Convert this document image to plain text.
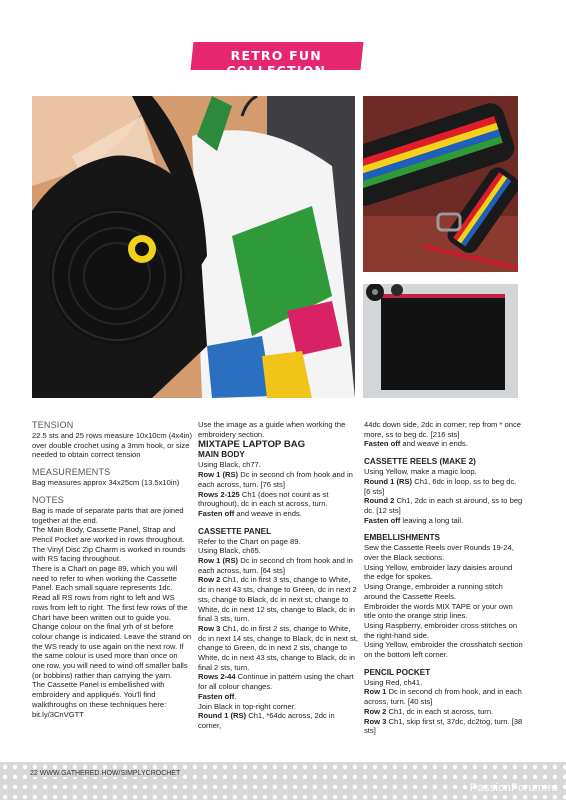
RETRO FUN COLLECTION

TENSION

22.5 sts and 25 rows measure 10x10cm (4x4in) over double crochet using a 3mm hook, or size needed to obtain correct tension

MEASUREMENTS

Bag measures approx 34x25cm (13.5x10in)

NOTES

Bag is made of separate parts that are joined together at the end.

The Main Body, Cassette Panel, Strap and Pencil Pocket are worked in rows throughout. The Vinyl Disc Zip Charm is worked in rounds with RS facing throughout.

There is a Chart on page 89, which you will need to refer to when working the Cassette Panel. Each small square represents 1dc. Read all RS rows from right to left and WS rows from left to right. The first few rows of the Chart have been written out to guide you.

Change colour on the final yrh of st before colour change is indicated. Leave the strand on the WS ready to use again on the next row. If the same colour is used more than once on one row, you will need to wind off smaller balls (or bobbins) rather than carrying the yarn.

The Cassette Panel is embellished with embroidery and appliqués. You'll find walkthroughs on these techniques here: bit.ly/3CnVGTT

Use the image as a guide when working the embroidery section.

MIXTAPE LAPTOP BAG

MAIN BODY

Using Black, ch77.

Row 1 (RS) Dc in second ch from hook and in each across, turn. [76 sts]

Rows 2-125 Ch1 (does not count as st throughout), dc in each st across, turn.

Fasten off and weave in ends.

CASSETTE PANEL

Refer to the Chart on page 89.

Using Black, ch65.

Row 1 (RS) Dc in second ch from hook and in each across, turn. [64 sts]

Row 2 Ch1, dc in first 3 sts, change to White, dc in next 43 sts, change to Green, dc in next 2 sts, change to Black, dc in next st, change to White, dc in next 12 sts, change to Black, dc in final 3 sts, turn.

Row 3 Ch1, dc in first 2 sts, change to White, dc in next 14 sts, change to Black, dc in next st, change to Green, dc in next 2 sts, change to White, dc in next 43 sts, change to Black, dc in final 2 sts, turn.

Rows 2-44 Continue in pattern using the chart for all colour changes.

Fasten off.

Join Black in top-right corner.

Round 1 (RS) Ch1, *64dc across, 2dc in corner,

44dc down side, 2dc in corner; rep from * once more, ss to beg dc. [216 sts]

Fasten off and weave in ends.

CASSETTE REELS (MAKE 2)

Using Yellow, make a magic loop.

Round 1 (RS) Ch1, 6dc in loop, ss to beg dc. [6 sts]

Round 2 Ch1, 2dc in each st around, ss to beg dc. [12 sts]

Fasten off leaving a long tail.

EMBELLISHMENTS

Sew the Cassette Reels over Rounds 19-24, over the Black sections.

Using Yellow, embroider lazy daisies around the edge for spokes.

Using Orange, embroider a running stitch around the Cassette Reels.

Embroider the words MIX TAPE or your own title onto the orange strip lines.

Using Raspberry, embroider cross stitches on the right-hand side.

Using Yellow, embroider the crosshatch section on the bottom left corner.

PENCIL POCKET

Using Red, ch41.

Row 1 Dc in second ch from hook, and in each across, turn. [40 sts]

Row 2 Ch1, dc in each st across, turn.

Row 3 Ch1, skip first st, 37dc, dc2tog, turn. [38 sts]

22 WWW.GATHERED.HOW/SIMPLYCROCHET
PassionForum.ru
